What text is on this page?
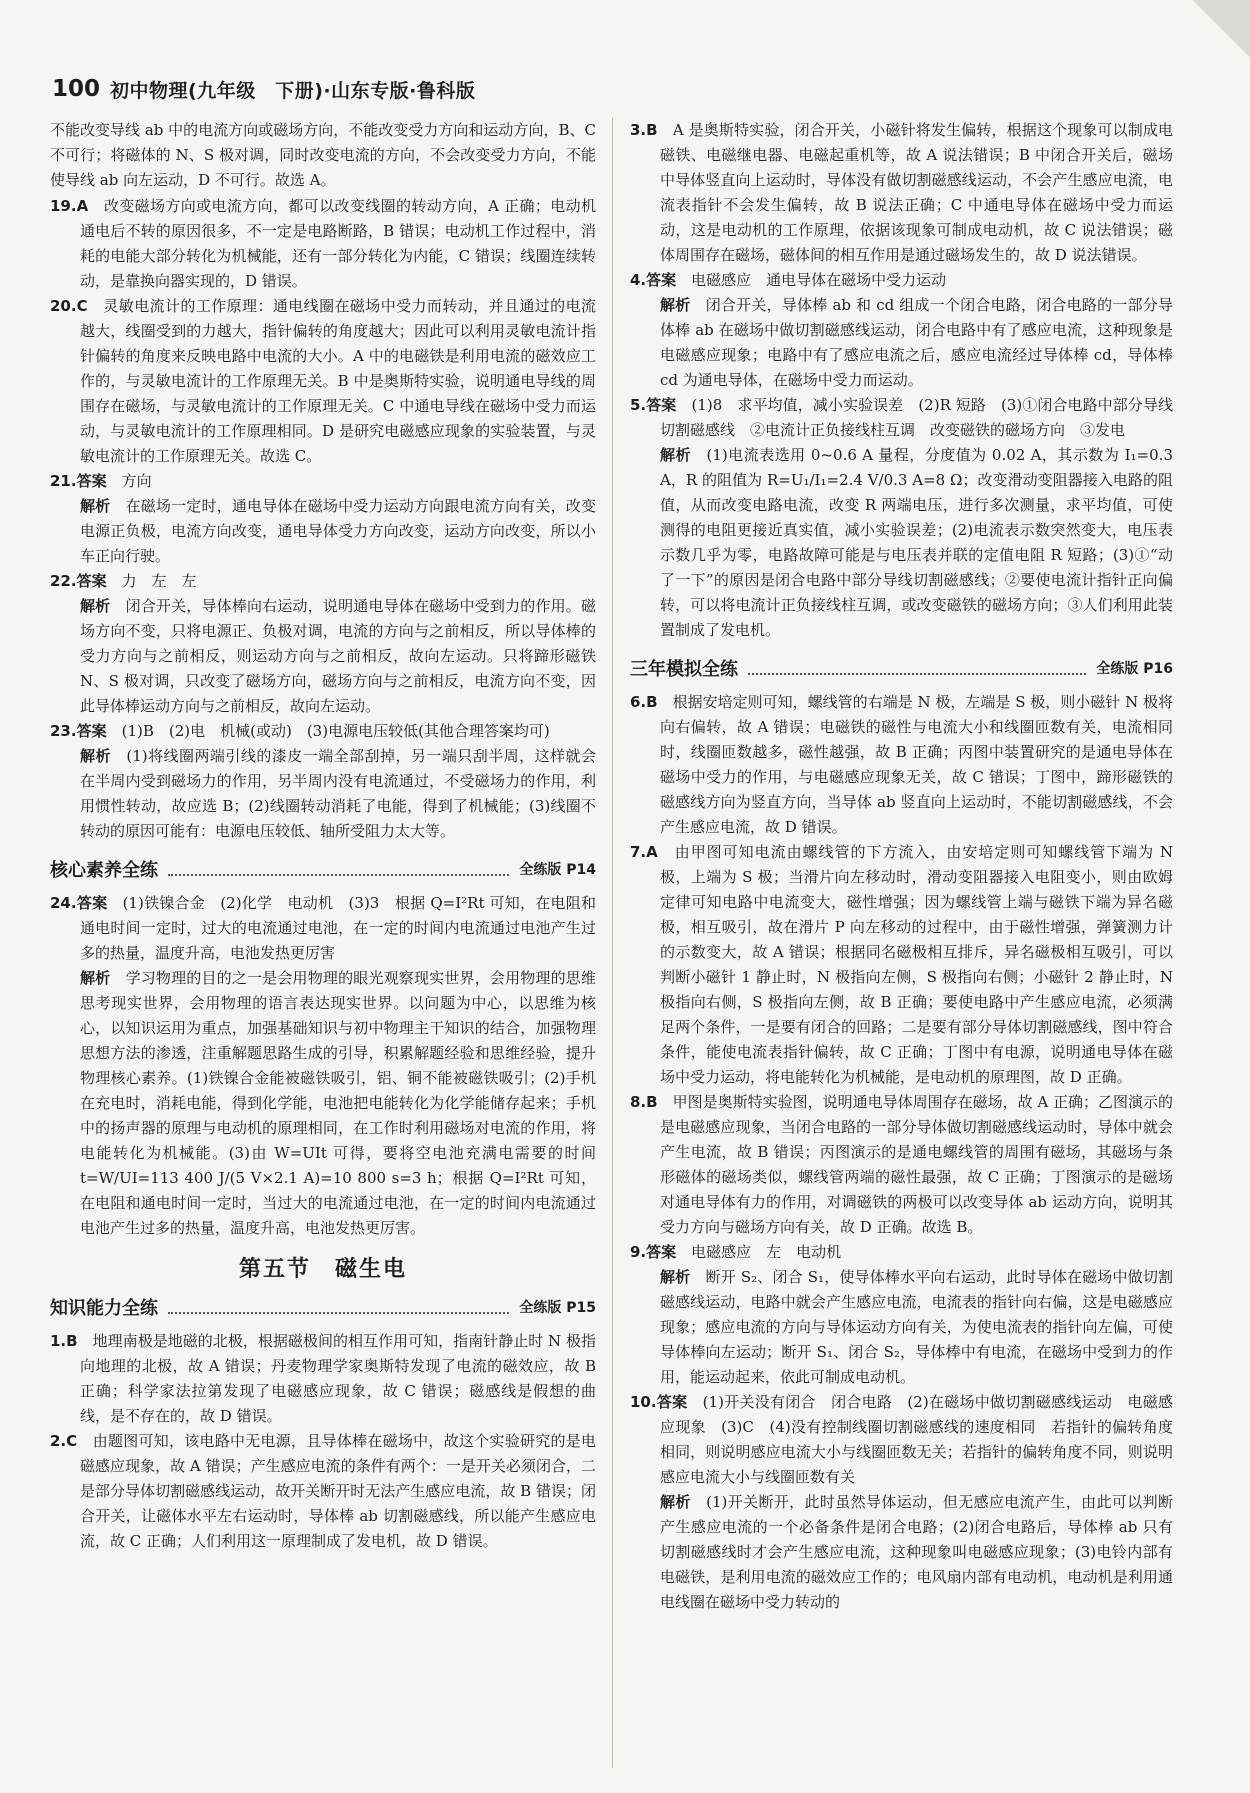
100 初中物理(九年级　下册)·山东专版·鲁科版

不能改变导线 ab 中的电流方向或磁场方向，不能改变受力方向和运动方向，B、C 不可行；将磁体的 N、S 极对调，同时改变电流的方向，不会改变受力方向，不能使导线 ab 向左运动，D 不可行。故选 A。

19.A　 改变磁场方向或电流方向，都可以改变线圈的转动方向，A 正确；电动机通电后不转的原因很多，不一定是电路断路，B 错误；电动机工作过程中，消耗的电能大部分转化为机械能，还有一部分转化为内能，C 错误；线圈连续转动，是靠换向器实现的，D 错误。

20.C　 灵敏电流计的工作原理：通电线圈在磁场中受力而转动，并且通过的电流越大，线圈受到的力越大，指针偏转的角度越大；因此可以利用灵敏电流计指针偏转的角度来反映电路中电流的大小。A 中的电磁铁是利用电流的磁效应工作的，与灵敏电流计的工作原理无关。B 中是奥斯特实验，说明通电导线的周围存在磁场，与灵敏电流计的工作原理无关。C 中通电导线在磁场中受力而运动，与灵敏电流计的工作原理相同。D 是研究电磁感应现象的实验装置，与灵敏电流计的工作原理无关。故选 C。

21.答案　 方向

解析　 在磁场一定时，通电导体在磁场中受力运动方向跟电流方向有关，改变电源正负极，电流方向改变，通电导体受力方向改变，运动方向改变，所以小车正向行驶。

22.答案　 力　左　左

解析　 闭合开关，导体棒向右运动，说明通电导体在磁场中受到力的作用。磁场方向不变，只将电源正、负极对调，电流的方向与之前相反，所以导体棒的受力方向与之前相反，则运动方向与之前相反，故向左运动。只将蹄形磁铁 N、S 极对调，只改变了磁场方向，磁场方向与之前相反，电流方向不变，因此导体棒运动方向与之前相反，故向左运动。

23.答案　 (1)B　(2)电　机械(或动)　(3)电源电压较低(其他合理答案均可)

解析　 (1)将线圈两端引线的漆皮一端全部刮掉，另一端只刮半周，这样就会在半周内受到磁场力的作用，另半周内没有电流通过，不受磁场力的作用，利用惯性转动，故应选 B；(2)线圈转动消耗了电能，得到了机械能；(3)线圈不转动的原因可能有：电源电压较低、轴所受阻力太大等。

核心素养全练	全练版 P14

24.答案　 (1)铁镍合金　(2)化学　电动机　(3)3　根据 Q=I²Rt 可知，在电阻和通电时间一定时，过大的电流通过电池，在一定的时间内电流通过电池产生过多的热量，温度升高，电池发热更厉害

解析　 学习物理的目的之一是会用物理的眼光观察现实世界，会用物理的思维思考现实世界，会用物理的语言表达现实世界。以问题为中心，以思维为核心，以知识运用为重点，加强基础知识与初中物理主干知识的结合，加强物理思想方法的渗透，注重解题思路生成的引导，积累解题经验和思维经验，提升物理核心素养。(1)铁镍合金能被磁铁吸引，铝、铜不能被磁铁吸引；(2)手机在充电时，消耗电能，得到化学能，电池把电能转化为化学能储存起来；手机中的扬声器的原理与电动机的原理相同，在工作时利用磁场对电流的作用，将电能转化为机械能。(3)由 W=UIt 可得，要将空电池充满电需要的时间 t=W/UI=113 400 J/(5 V×2.1 A)=10 800 s=3 h；根据 Q=I²Rt 可知，在电阻和通电时间一定时，当过大的电流通过电池，在一定的时间内电流通过电池产生过多的热量，温度升高，电池发热更厉害。

第五节　磁生电
知识能力全练	全练版 P15

1.B　 地理南极是地磁的北极，根据磁极间的相互作用可知，指南针静止时 N 极指向地理的北极，故 A 错误；丹麦物理学家奥斯特发现了电流的磁效应，故 B 正确；科学家法拉第发现了电磁感应现象，故 C 错误；磁感线是假想的曲线，是不存在的，故 D 错误。

2.C　 由题图可知，该电路中无电源，且导体棒在磁场中，故这个实验研究的是电磁感应现象，故 A 错误；产生感应电流的条件有两个：一是开关必须闭合，二是部分导体切割磁感线运动，故开关断开时无法产生感应电流，故 B 错误；闭合开关，让磁体水平左右运动时，导体棒 ab 切割磁感线，所以能产生感应电流，故 C 正确；人们利用这一原理制成了发电机，故 D 错误。

3.B　 A 是奥斯特实验，闭合开关，小磁针将发生偏转，根据这个现象可以制成电磁铁、电磁继电器、电磁起重机等，故 A 说法错误；B 中闭合开关后，磁场中导体竖直向上运动时，导体没有做切割磁感线运动，不会产生感应电流，电流表指针不会发生偏转，故 B 说法正确；C 中通电导体在磁场中受力而运动，这是电动机的工作原理，依据该现象可制成电动机，故 C 说法错误；磁体周围存在磁场，磁体间的相互作用是通过磁场发生的，故 D 说法错误。

4.答案　 电磁感应　通电导体在磁场中受力运动

解析　 闭合开关，导体棒 ab 和 cd 组成一个闭合电路，闭合电路的一部分导体棒 ab 在磁场中做切割磁感线运动，闭合电路中有了感应电流，这种现象是电磁感应现象；电路中有了感应电流之后，感应电流经过导体棒 cd，导体棒 cd 为通电导体，在磁场中受力而运动。

5.答案　 (1)8　求平均值，减小实验误差　(2)R 短路　(3)①闭合电路中部分导线切割磁感线　②电流计正负接线柱互调　改变磁铁的磁场方向　③发电

解析　 (1)电流表选用 0~0.6 A 量程，分度值为 0.02 A，其示数为 I₁=0.3 A，R 的阻值为 R=U₁/I₁=2.4 V/0.3 A=8 Ω；改变滑动变阻器接入电路的阻值，从而改变电路电流，改变 R 两端电压，进行多次测量，求平均值，可使测得的电阻更接近真实值，减小实验误差；(2)电流表示数突然变大，电压表示数几乎为零，电路故障可能是与电压表并联的定值电阻 R 短路；(3)①“动了一下”的原因是闭合电路中部分导线切割磁感线；②要使电流计指针正向偏转，可以将电流计正负接线柱互调，或改变磁铁的磁场方向；③人们利用此装置制成了发电机。

三年模拟全练	全练版 P16

6.B　 根据安培定则可知，螺线管的右端是 N 极，左端是 S 极，则小磁针 N 极将向右偏转，故 A 错误；电磁铁的磁性与电流大小和线圈匝数有关，电流相同时，线圈匝数越多，磁性越强，故 B 正确；丙图中装置研究的是通电导体在磁场中受力的作用，与电磁感应现象无关，故 C 错误；丁图中，蹄形磁铁的磁感线方向为竖直方向，当导体 ab 竖直向上运动时，不能切割磁感线，不会产生感应电流，故 D 错误。

7.A　 由甲图可知电流由螺线管的下方流入，由安培定则可知螺线管下端为 N 极，上端为 S 极；当滑片向左移动时，滑动变阻器接入电阻变小，则由欧姆定律可知电路中电流变大，磁性增强；因为螺线管上端与磁铁下端为异名磁极，相互吸引，故在滑片 P 向左移动的过程中，由于磁性增强，弹簧测力计的示数变大，故 A 错误；根据同名磁极相互排斥，异名磁极相互吸引，可以判断小磁针 1 静止时，N 极指向左侧，S 极指向右侧；小磁针 2 静止时，N 极指向右侧，S 极指向左侧，故 B 正确；要使电路中产生感应电流，必须满足两个条件，一是要有闭合的回路；二是要有部分导体切割磁感线，图中符合条件，能使电流表指针偏转，故 C 正确；丁图中有电源，说明通电导体在磁场中受力运动，将电能转化为机械能，是电动机的原理图，故 D 正确。

8.B　 甲图是奥斯特实验图，说明通电导体周围存在磁场，故 A 正确；乙图演示的是电磁感应现象，当闭合电路的一部分导体做切割磁感线运动时，导体中就会产生电流，故 B 错误；丙图演示的是通电螺线管的周围有磁场，其磁场与条形磁体的磁场类似，螺线管两端的磁性最强，故 C 正确；丁图演示的是磁场对通电导体有力的作用，对调磁铁的两极可以改变导体 ab 运动方向，说明其受力方向与磁场方向有关，故 D 正确。故选 B。

9.答案　 电磁感应　左　电动机

解析　 断开 S₂、闭合 S₁，使导体棒水平向右运动，此时导体在磁场中做切割磁感线运动，电路中就会产生感应电流，电流表的指针向右偏，这是电磁感应现象；感应电流的方向与导体运动方向有关，为使电流表的指针向左偏，可使导体棒向左运动；断开 S₁、闭合 S₂，导体棒中有电流，在磁场中受到力的作用，能运动起来，依此可制成电动机。

10.答案　 (1)开关没有闭合　闭合电路　(2)在磁场中做切割磁感线运动　电磁感应现象　(3)C　(4)没有控制线圈切割磁感线的速度相同　若指针的偏转角度相同，则说明感应电流大小与线圈匝数无关；若指针的偏转角度不同，则说明感应电流大小与线圈匝数有关

解析　 (1)开关断开，此时虽然导体运动，但无感应电流产生，由此可以判断产生感应电流的一个必备条件是闭合电路；(2)闭合电路后，导体棒 ab 只有切割磁感线时才会产生感应电流，这种现象叫电磁感应现象；(3)电铃内部有电磁铁，是利用电流的磁效应工作的；电风扇内部有电动机，电动机是利用通电线圈在磁场中受力转动的
